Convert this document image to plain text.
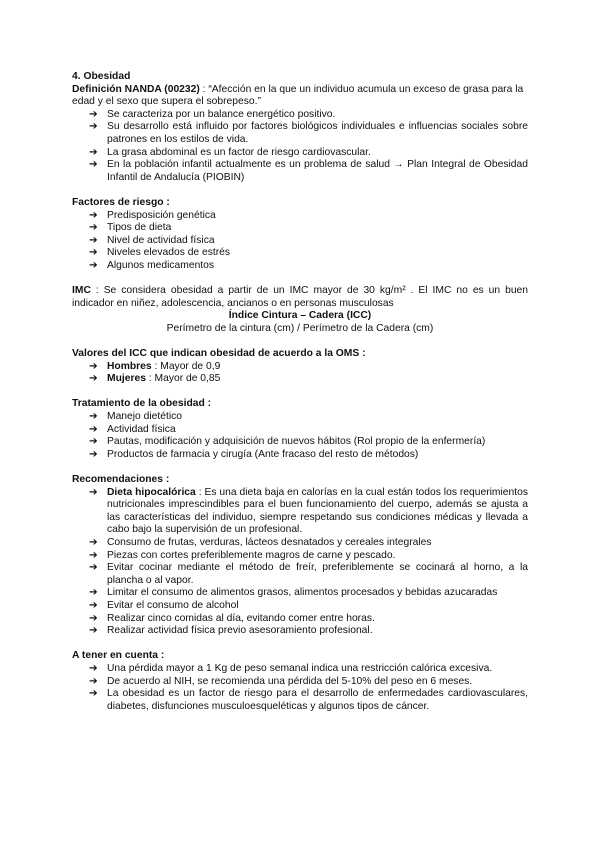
4. Obesidad

Definición NANDA (00232) : “Afección en la que un individuo acumula un exceso de grasa para la edad y el sexo que supera el sobrepeso.”

➔ Se caracteriza por un balance energético positivo.
➔ Su desarrollo está influido por factores biológicos individuales e influencias sociales sobre patrones en los estilos de vida.
➔ La grasa abdominal es un factor de riesgo cardiovascular.
➔ En la población infantil actualmente es un problema de salud → Plan Integral de Obesidad Infantil de Andalucía (PIOBIN)

Factores de riesgo :

➔ Predisposición genética
➔ Tipos de dieta
➔ Nivel de actividad física
➔ Niveles elevados de estrés
➔ Algunos medicamentos

IMC : Se considera obesidad a partir de un IMC mayor de 30 kg/m² . El IMC no es un buen indicador en niñez, adolescencia, ancianos o en personas musculosas

Índice Cintura – Cadera (ICC)

Perímetro de la cintura (cm) / Perímetro de la Cadera (cm)

Valores del ICC que indican obesidad de acuerdo a la OMS :

➔ Hombres : Mayor de 0,9
➔ Mujeres : Mayor de 0,85

Tratamiento de la obesidad :

➔ Manejo dietético
➔ Actividad física
➔ Pautas, modificación y adquisición de nuevos hábitos (Rol propio de la enfermería)
➔ Productos de farmacia y cirugía (Ante fracaso del resto de métodos)

Recomendaciones :

➔ Dieta hipocalórica : Es una dieta baja en calorías en la cual están todos los requerimientos nutricionales imprescindibles para el buen funcionamiento del cuerpo, además se ajusta a las características del individuo, siempre respetando sus condiciones médicas y llevada a cabo bajo la supervisión de un profesional.
➔ Consumo de frutas, verduras, lácteos desnatados y cereales integrales
➔ Piezas con cortes preferiblemente magros de carne y pescado.
➔ Evitar cocinar mediante el método de freír, preferiblemente se cocinará al horno, a la plancha o al vapor.
➔ Limitar el consumo de alimentos grasos, alimentos procesados y bebidas azucaradas
➔ Evitar el consumo de alcohol
➔ Realizar cinco comidas al día, evitando comer entre horas.
➔ Realizar actividad física previo asesoramiento profesional.

A tener en cuenta :

➔ Una pérdida mayor a 1 Kg de peso semanal indica una restricción calórica excesiva.
➔ De acuerdo al NIH, se recomienda una pérdida del 5-10% del peso en 6 meses.
➔ La obesidad es un factor de riesgo para el desarrollo de enfermedades cardiovasculares, diabetes, disfunciones musculoesqueléticas y algunos tipos de cáncer.
